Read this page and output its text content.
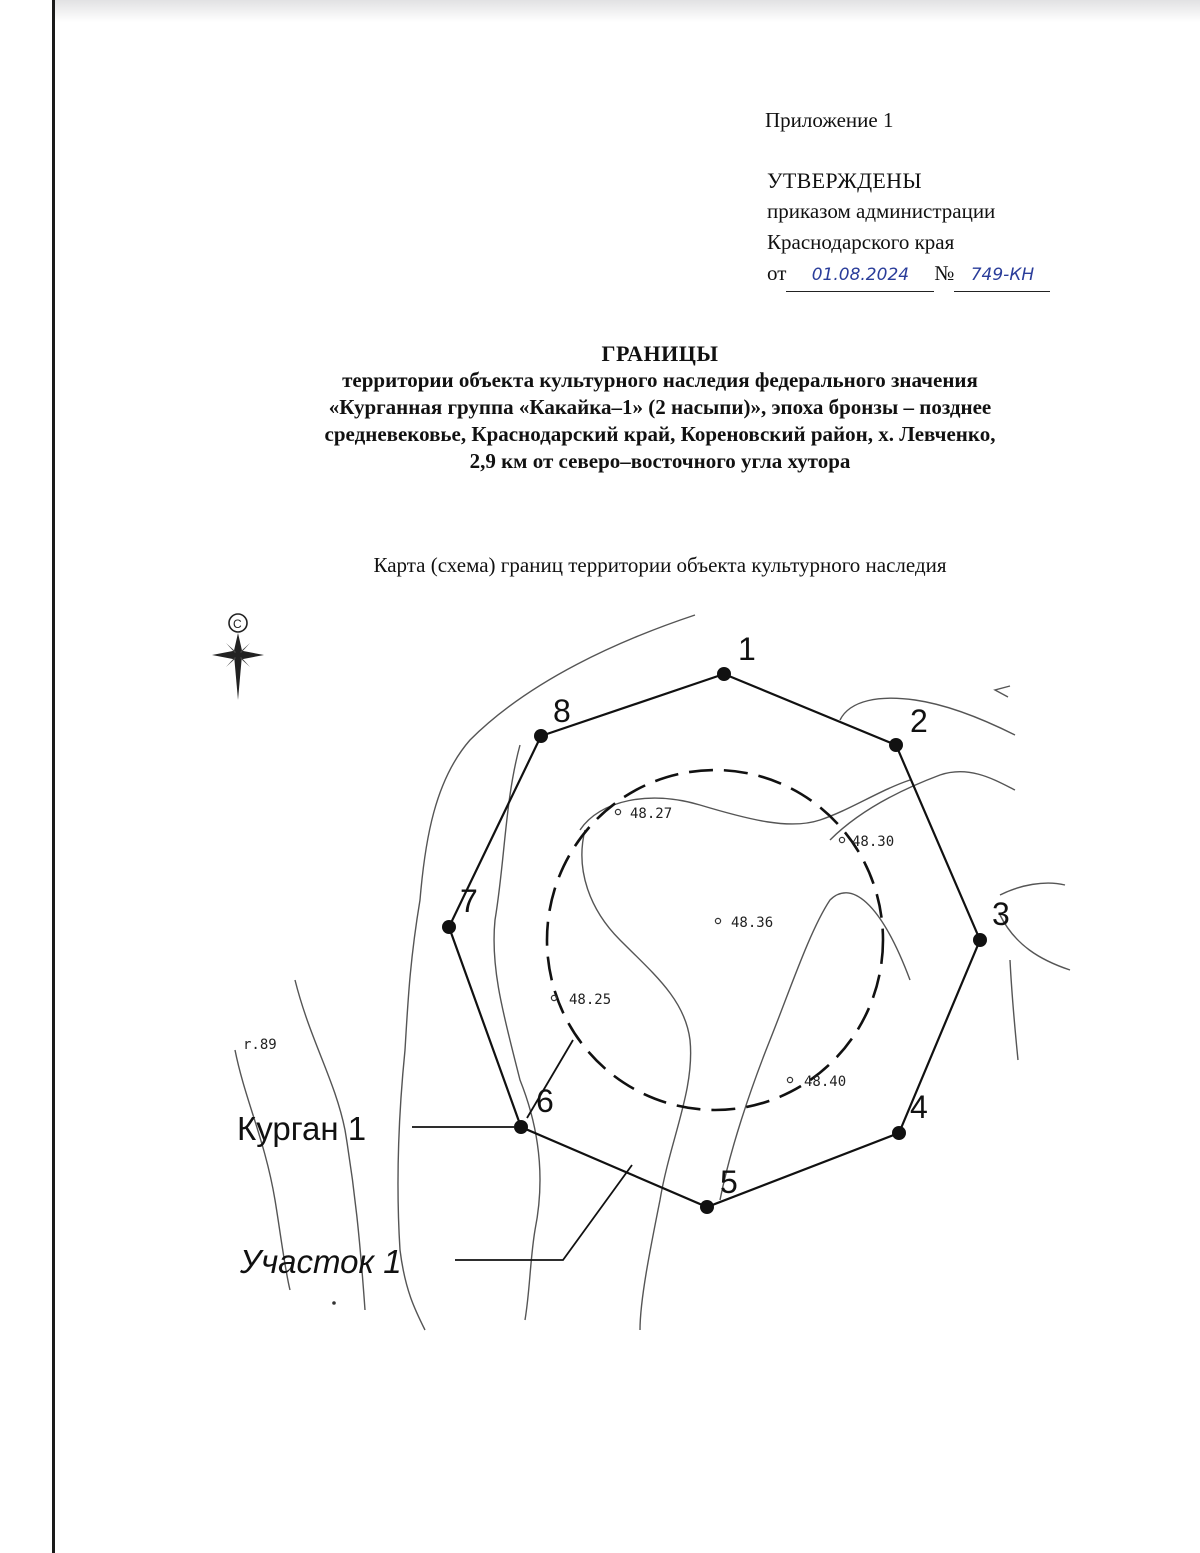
Приложение 1
УТВЕРЖДЕНЫ
приказом администрации
Краснодарского края
от 01.08.2024 № 749-КН
ГРАНИЦЫ
территории объекта культурного наследия федерального значения
«Курганная группа «Какайка–1» (2 насыпи)», эпоха бронзы – позднее
средневековье, Краснодарский край, Кореновский район, х. Левченко,
2,9 км от северо–восточного угла хутора
Карта (схема) границ территории объекта культурного наследия
1
2
3
4
5
6
7
8
48.27
48.30
48.36
48.25
48.40
r.89
С
Курган 1
Участок 1
